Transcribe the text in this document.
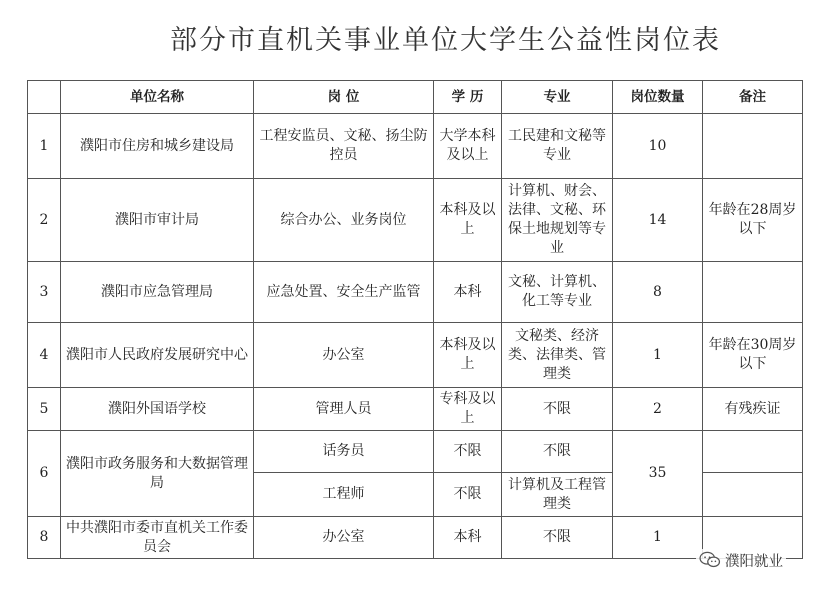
部分市直机关事业单位大学生公益性岗位表
	单位名称	岗 位	学 历	专业	岗位数量	备注
1	濮阳市住房和城乡建设局	工程安监员、文秘、扬尘防控员	大学本科及以上	工民建和文秘等专业	10	
2	濮阳市审计局	综合办公、业务岗位	本科及以上	计算机、财会、法律、文秘、环保土地规划等专业	14	年龄在28周岁以下
3	濮阳市应急管理局	应急处置、安全生产监管	本科	文秘、计算机、化工等专业	8	
4	濮阳市人民政府发展研究中心	办公室	本科及以上	文秘类、经济类、法律类、管理类	1	年龄在30周岁以下
5	濮阳外国语学校	管理人员	专科及以上	不限	2	有残疾证
6	濮阳市政务服务和大数据管理局	话务员	不限	不限	35	
		工程师	不限	计算机及工程管理类		
8	中共濮阳市委市直机关工作委员会	办公室	本科	不限	1	
濮阳就业
